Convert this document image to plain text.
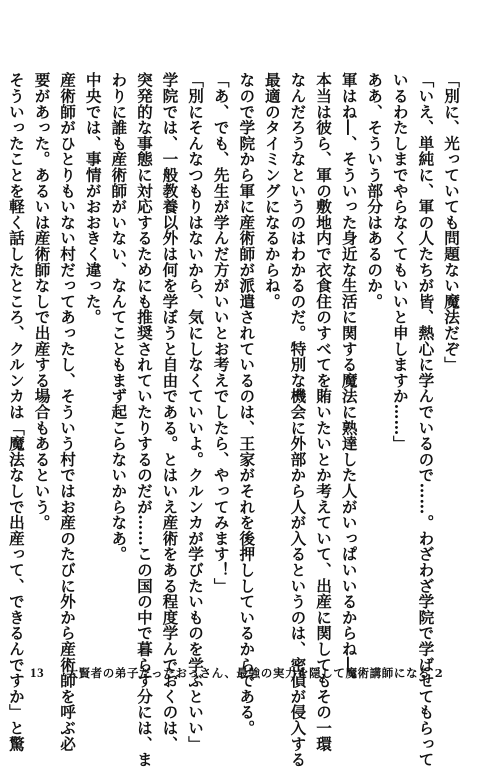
「別に、光っていても問題ない魔法だぞ」

「いえ、単純に、軍の人たちが皆、熱心に学んでいるので……。わざわざ学院で学ばせてもらって

いるわたしまでやらなくてもいいと申しますか……」

ああ、そういう部分はあるのか。

軍はね―、そういった身近な生活に関する魔法に熟達した人がいっぱいいるからね―。

本当は彼ら、軍の敷地内で衣食住のすべてを賄いたいとか考えていて、出産に関してもその一環

なんだろうなというのはわかるのだ。特別な機会に外部から人が入るというのは、密偵が侵入する

最適のタイミングになるからね。

なので学院から軍に産術師が派遣されているのは、王家がそれを後押ししているからである。

「あ、でも、先生が学んだ方がいいとお考えでしたら、やってみます！」

「別にそんなつもりはないから、気にしなくていいよ。クルンカが学びたいものを学ぶといい」

学院では、一般教養以外は何を学ぼうと自由である。とはいえ産術をある程度学んでおくのは、

突発的な事態に対応するためにも推奨されていたりするのだが……この国の中で暮らす分には、ま

わりに誰も産術師がいない、なんてこともまず起こらないからなあ。

中央では、事情がおおきく違った。

産術師がひとりもいない村だってあったし、そういう村ではお産のたびに外から産術師を呼ぶ必

要があった。あるいは産術師なしで出産する場合もあるという。

そういったことを軽く話したところ、クルンカは「魔法なしで出産って、できるんですか」と驚 13 大賢者の弟子だったおっさん、最強の実力を隠して魔術講師になる 2
